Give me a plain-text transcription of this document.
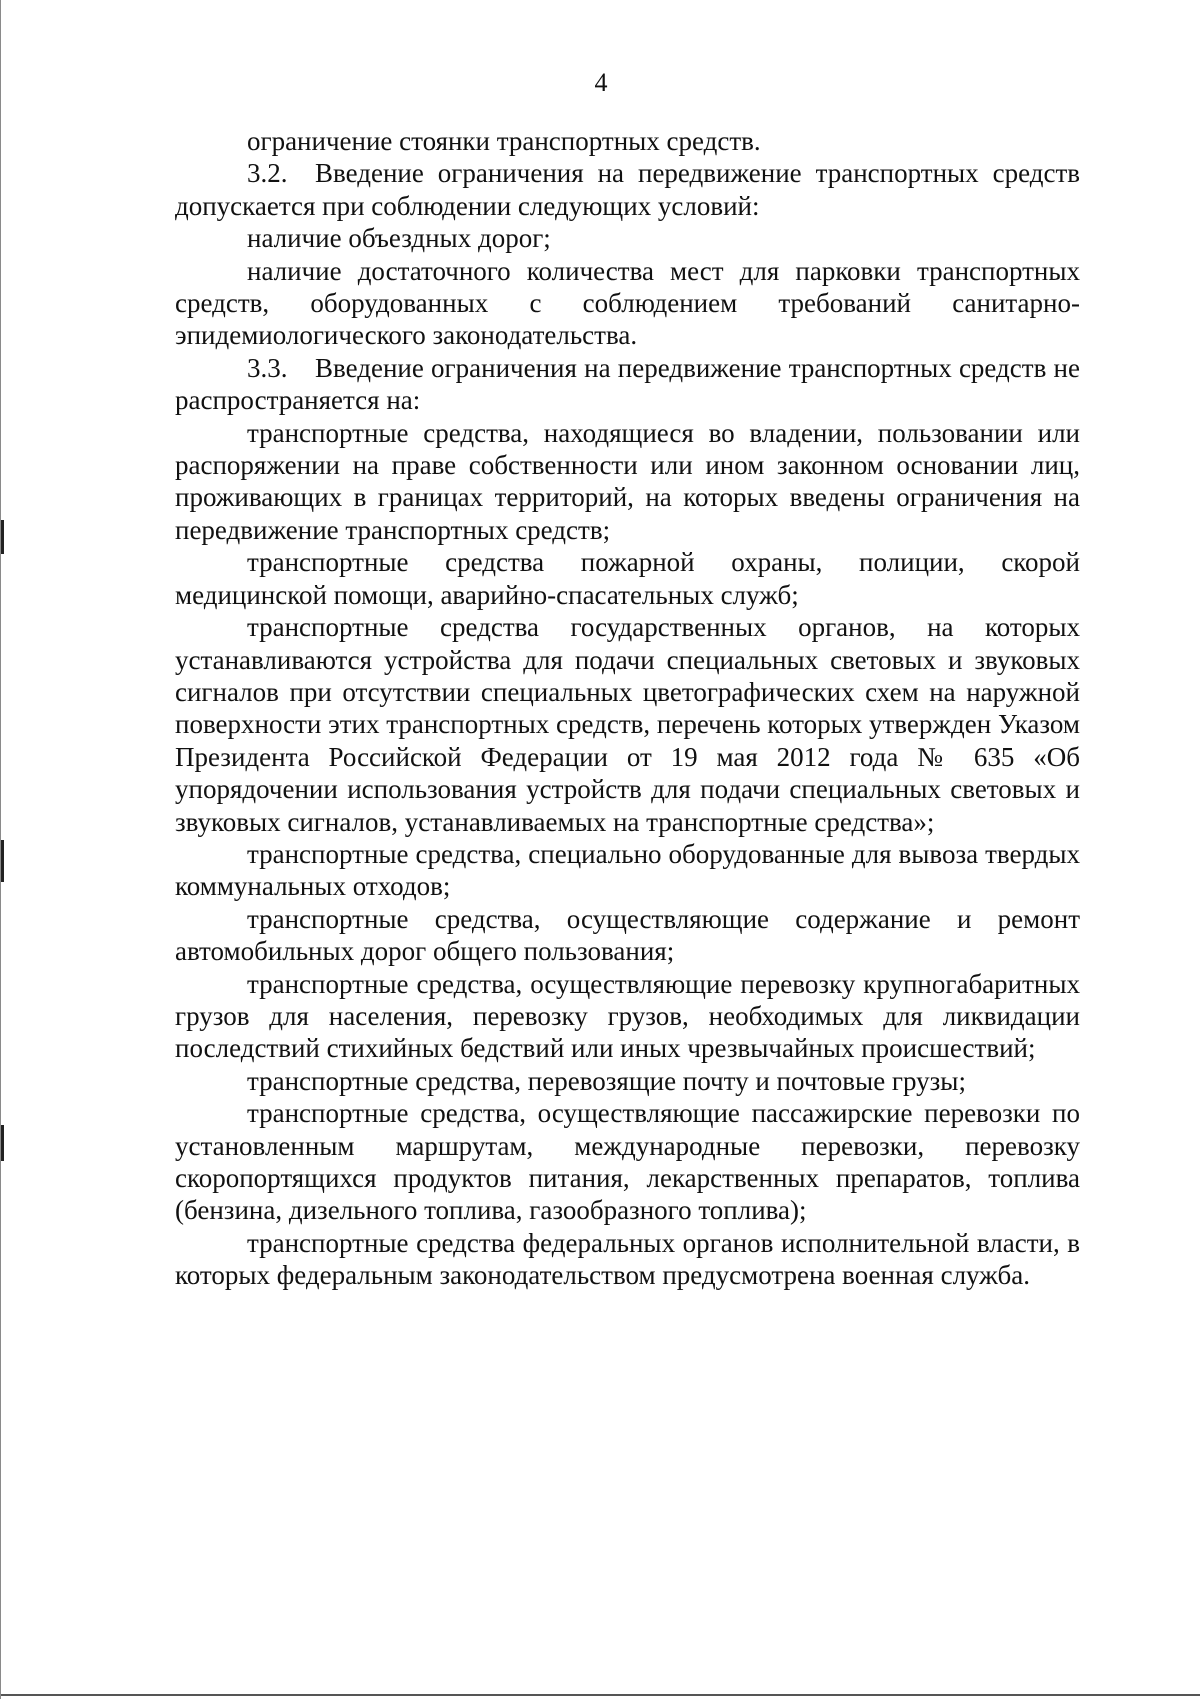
4

ограничение стоянки транспортных средств.

3.2. Введение ограничения на передвижение транспортных средств допускается при соблюдении следующих условий:

наличие объездных дорог;

наличие достаточного количества мест для парковки транспортных средств, оборудованных с соблюдением требований санитарно-эпидемиологического законодательства.

3.3. Введение ограничения на передвижение транспортных средств не распространяется на:

транспортные средства, находящиеся во владении, пользовании или распоряжении на праве собственности или ином законном основании лиц, проживающих в границах территорий, на которых введены ограничения на передвижение транспортных средств;

транспортные средства пожарной охраны, полиции, скорой медицинской помощи, аварийно-спасательных служб;

транспортные средства государственных органов, на которых устанавливаются устройства для подачи специальных световых и звуковых сигналов при отсутствии специальных цветографических схем на наружной поверхности этих транспортных средств, перечень которых утвержден Указом Президента Российской Федерации от 19 мая 2012 года № 635 «Об упорядочении использования устройств для подачи специальных световых и звуковых сигналов, устанавливаемых на транспортные средства»;

транспортные средства, специально оборудованные для вывоза твердых коммунальных отходов;

транспортные средства, осуществляющие содержание и ремонт автомобильных дорог общего пользования;

транспортные средства, осуществляющие перевозку крупногабаритных грузов для населения, перевозку грузов, необходимых для ликвидации последствий стихийных бедствий или иных чрезвычайных происшествий;

транспортные средства, перевозящие почту и почтовые грузы;

транспортные средства, осуществляющие пассажирские перевозки по установленным маршрутам, международные перевозки, перевозку скоропортящихся продуктов питания, лекарственных препаратов, топлива (бензина, дизельного топлива, газообразного топлива);

транспортные средства федеральных органов исполнительной власти, в которых федеральным законодательством предусмотрена военная служба.
